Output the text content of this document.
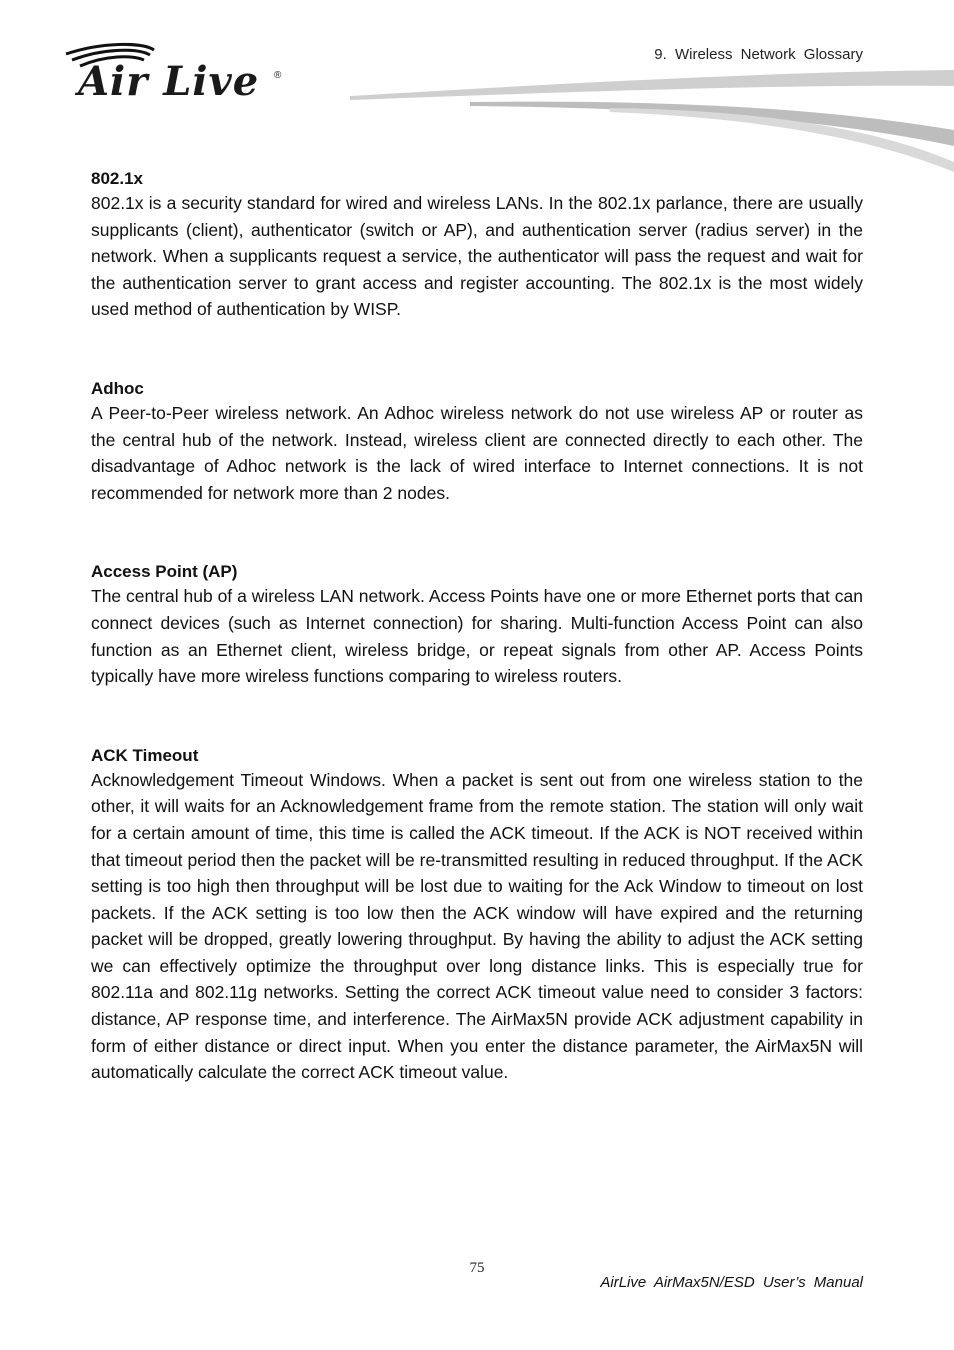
Air Live ®
9. Wireless Network Glossary

802.1x

802.1x is a security standard for wired and wireless LANs. In the 802.1x parlance, there are usually supplicants (client), authenticator (switch or AP), and authentication server (radius server) in the network. When a supplicants request a service, the authenticator will pass the request and wait for the authentication server to grant access and register accounting. The 802.1x is the most widely used method of authentication by WISP.

Adhoc

A Peer-to-Peer wireless network. An Adhoc wireless network do not use wireless AP or router as the central hub of the network. Instead, wireless client are connected directly to each other. The disadvantage of Adhoc network is the lack of wired interface to Internet connections. It is not recommended for network more than 2 nodes.

Access Point (AP)

The central hub of a wireless LAN network. Access Points have one or more Ethernet ports that can connect devices (such as Internet connection) for sharing. Multi-function Access Point can also function as an Ethernet client, wireless bridge, or repeat signals from other AP. Access Points typically have more wireless functions comparing to wireless routers.

ACK Timeout

Acknowledgement Timeout Windows. When a packet is sent out from one wireless station to the other, it will waits for an Acknowledgement frame from the remote station. The station will only wait for a certain amount of time, this time is called the ACK timeout. If the ACK is NOT received within that timeout period then the packet will be re-transmitted resulting in reduced throughput. If the ACK setting is too high then throughput will be lost due to waiting for the Ack Window to timeout on lost packets. If the ACK setting is too low then the ACK window will have expired and the returning packet will be dropped, greatly lowering throughput. By having the ability to adjust the ACK setting we can effectively optimize the throughput over long distance links. This is especially true for 802.11a and 802.11g networks. Setting the correct ACK timeout value need to consider 3 factors: distance, AP response time, and interference. The AirMax5N provide ACK adjustment capability in form of either distance or direct input. When you enter the distance parameter, the AirMax5N will automatically calculate the correct ACK timeout value.

75
AirLive AirMax5N/ESD User’s Manual
